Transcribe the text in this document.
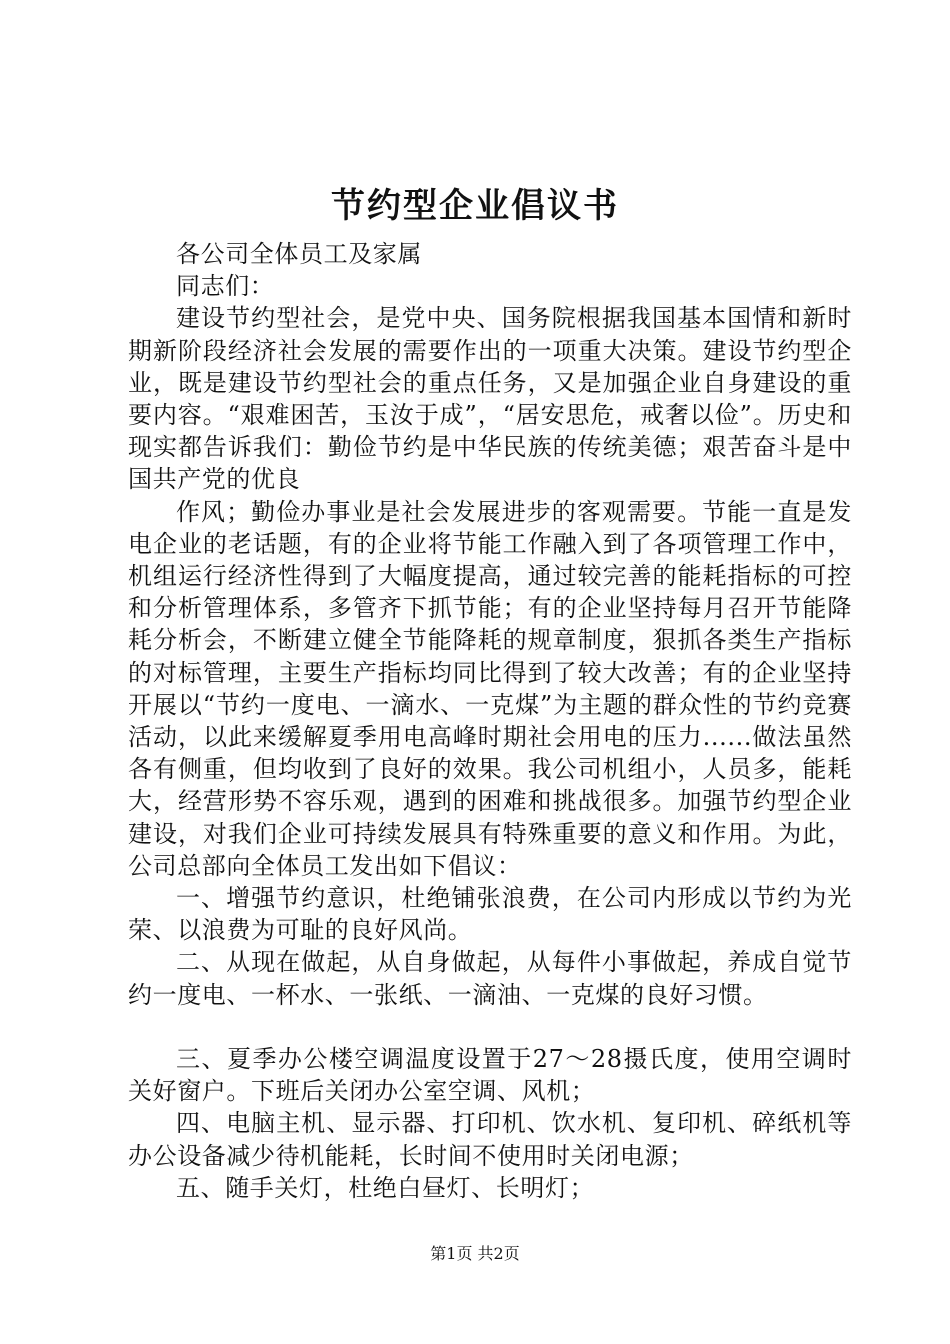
节约型企业倡议书

各公司全体员工及家属

同志们：

建设节约型社会，是党中央、国务院根据我国基本国情和新时期新阶段经济社会发展的需要作出的一项重大决策。建设节约型企业，既是建设节约型社会的重点任务，又是加强企业自身建设的重要内容。“艰难困苦，玉汝于成”，“居安思危，戒奢以俭”。历史和现实都告诉我们：勤俭节约是中华民族的传统美德；艰苦奋斗是中国共产党的优良

作风；勤俭办事业是社会发展进步的客观需要。节能一直是发电企业的老话题，有的企业将节能工作融入到了各项管理工作中，机组运行经济性得到了大幅度提高，通过较完善的能耗指标的可控和分析管理体系，多管齐下抓节能；有的企业坚持每月召开节能降耗分析会，不断建立健全节能降耗的规章制度，狠抓各类生产指标的对标管理，主要生产指标均同比得到了较大改善；有的企业坚持开展以“节约一度电、一滴水、一克煤”为主题的群众性的节约竞赛活动，以此来缓解夏季用电高峰时期社会用电的压力......做法虽然各有侧重，但均收到了良好的效果。我公司机组小，人员多，能耗大，经营形势不容乐观，遇到的困难和挑战很多。加强节约型企业建设，对我们企业可持续发展具有特殊重要的意义和作用。为此，公司总部向全体员工发出如下倡议：

一、增强节约意识，杜绝铺张浪费，在公司内形成以节约为光荣、以浪费为可耻的良好风尚。

二、从现在做起，从自身做起，从每件小事做起，养成自觉节约一度电、一杯水、一张纸、一滴油、一克煤的良好习惯。

三、夏季办公楼空调温度设置于27～28摄氏度，使用空调时关好窗户。下班后关闭办公室空调、风机；

四、电脑主机、显示器、打印机、饮水机、复印机、碎纸机等办公设备减少待机能耗，长时间不使用时关闭电源；

五、随手关灯，杜绝白昼灯、长明灯；

第1页 共2页
